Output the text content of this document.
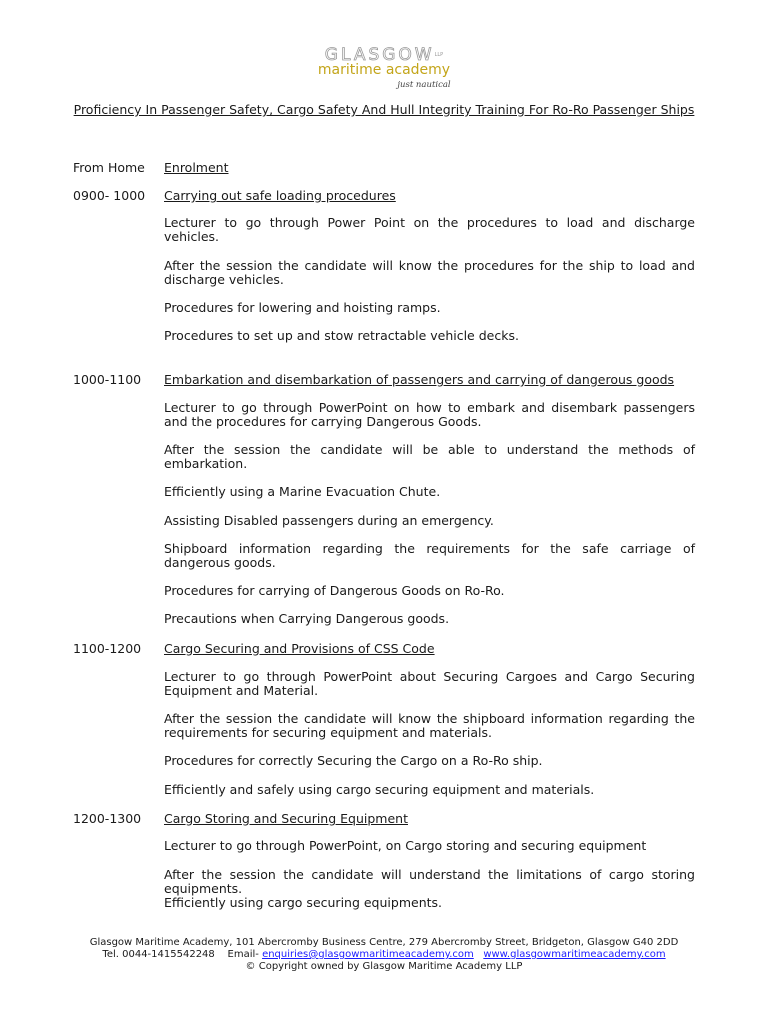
$GLASGOW^{LLP}$
maritime academy
just nautical
Proficiency In Passenger Safety, Cargo Safety And Hull Integrity Training For Ro-Ro Passenger Ships
From Home Enrolment
0900- 1000 Carrying out safe loading procedures
Lecturer to go through Power Point on the procedures to load and discharge vehicles.
After the session the candidate will know the procedures for the ship to load and discharge vehicles.
Procedures for lowering and hoisting ramps.
Procedures to set up and stow retractable vehicle decks.
1000-1100 Embarkation and disembarkation of passengers and carrying of dangerous goods
Lecturer to go through PowerPoint on how to embark and disembark passengers and the procedures for carrying Dangerous Goods.
After the session the candidate will be able to understand the methods of embarkation.
Efficiently using a Marine Evacuation Chute.
Assisting Disabled passengers during an emergency.
Shipboard information regarding the requirements for the safe carriage of dangerous goods.
Procedures for carrying of Dangerous Goods on Ro-Ro.
Precautions when Carrying Dangerous goods.
1100-1200 Cargo Securing and Provisions of CSS Code
Lecturer to go through PowerPoint about Securing Cargoes and Cargo Securing Equipment and Material.
After the session the candidate will know the shipboard information regarding the requirements for securing equipment and materials.
Procedures for correctly Securing the Cargo on a Ro-Ro ship.
Efficiently and safely using cargo securing equipment and materials.
1200-1300 Cargo Storing and Securing Equipment
Lecturer to go through PowerPoint, on Cargo storing and securing equipment
After the session the candidate will understand the limitations of cargo storing equipments.
Efficiently using cargo securing equipments.
Glasgow Maritime Academy, 101 Abercromby Business Centre, 279 Abercromby Street, Bridgeton, Glasgow G40 2DD
Tel. 0044-1415542248 Email- enquiries@glasgowmaritimeacademy.com www.glasgowmaritimeacademy.com
© Copyright owned by Glasgow Maritime Academy LLP
